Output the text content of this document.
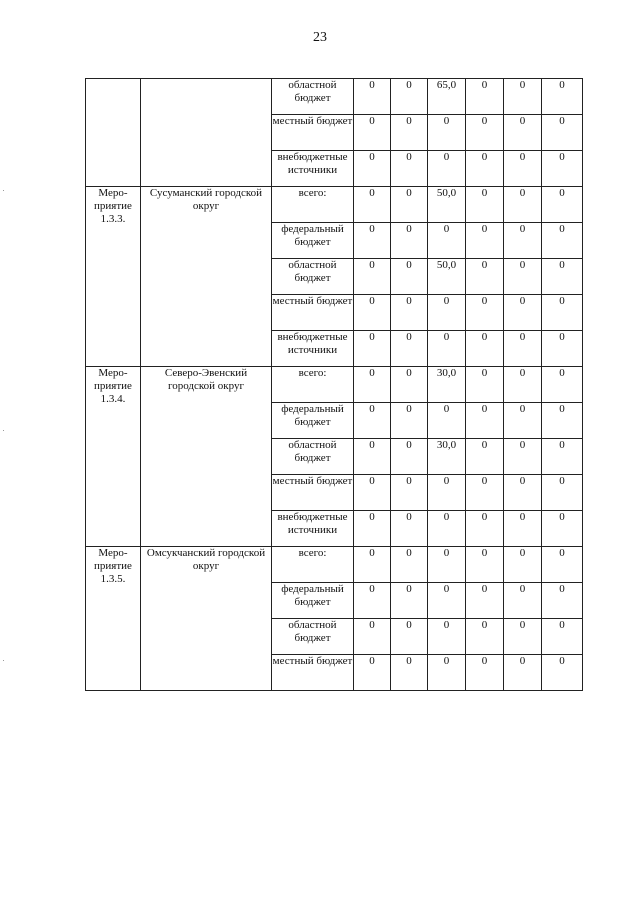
23
		областной бюджет	0	0	65,0	0	0	0
		местный бюджет	0	0	0	0	0	0
		внебюджетные источники	0	0	0	0	0	0
Меро-приятие 1.3.3.	Сусуманский городской округ	всего:	0	0	50,0	0	0	0
		федеральный бюджет	0	0	0	0	0	0
		областной бюджет	0	0	50,0	0	0	0
		местный бюджет	0	0	0	0	0	0
		внебюджетные источники	0	0	0	0	0	0
Меро-приятие 1.3.4.	Северо-Эвенский городской округ	всего:	0	0	30,0	0	0	0
		федеральный бюджет	0	0	0	0	0	0
		областной бюджет	0	0	30,0	0	0	0
		местный бюджет	0	0	0	0	0	0
		внебюджетные источники	0	0	0	0	0	0
Меро-приятие 1.3.5.	Омсукчанский городской округ	всего:	0	0	0	0	0	0
		федеральный бюджет	0	0	0	0	0	0
		областной бюджет	0	0	0	0	0	0
		местный бюджет	0	0	0	0	0	0
